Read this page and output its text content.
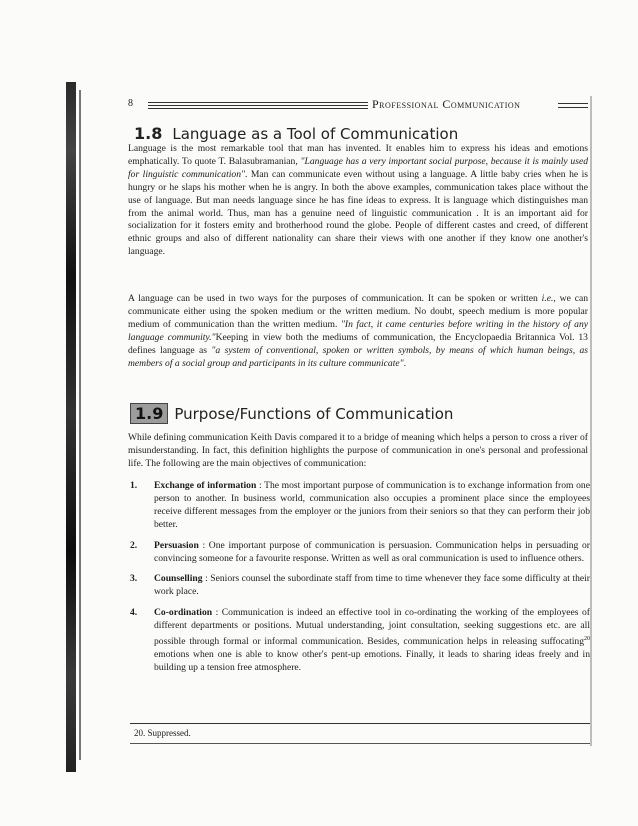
8	Professional Communication
1.8 Language as a Tool of Communication

Language is the most remarkable tool that man has invented. It enables him to express his ideas and emotions emphatically. To quote T. Balasubramanian, "Language has a very important social purpose, because it is mainly used for linguistic communication". Man can communicate even without using a language. A little baby cries when he is hungry or he slaps his mother when he is angry. In both the above examples, communication takes place without the use of language. But man needs language since he has fine ideas to express. It is language which distinguishes man from the animal world. Thus, man has a genuine need of linguistic communication . It is an important aid for socialization for it fosters emity and brotherhood round the globe. People of different castes and creed, of different ethnic groups and also of different nationality can share their views with one another if they know one another's language.

A language can be used in two ways for the purposes of communication. It can be spoken or written i.e., we can communicate either using the spoken medium or the written medium. No doubt, speech medium is more popular medium of communication than the written medium. "In fact, it came centuries before writing in the history of any language community."Keeping in view both the mediums of communication, the Encyclopaedia Britannica Vol. 13 defines language as "a system of conventional, spoken or written symbols, by means of which human beings, as members of a social group and participants in its culture communicate".

1.9 Purpose/Functions of Communication

While defining communication Keith Davis compared it to a bridge of meaning which helps a person to cross a river of misunderstanding. In fact, this definition highlights the purpose of communication in one's personal and professional life. The following are the main objectives of communication:

1.	Exchange of information : The most important purpose of communication is to exchange information from one person to another. In business world, communication also occupies a prominent place since the employees receive different messages from the employer or the juniors from their seniors so that they can perform their job better.
2.	Persuasion : One important purpose of communication is persuasion. Communication helps in persuading or convincing someone for a favourite response. Written as well as oral communication is used to influence others.
3.	Counselling : Seniors counsel the subordinate staff from time to time whenever they face some difficulty at their work place.
4.	Co-ordination : Communication is indeed an effective tool in co-ordinating the working of the employees of different departments or positions. Mutual understanding, joint consultation, seeking suggestions etc. are all possible through formal or informal communication. Besides, communication helps in releasing suffocating$^{20}$ emotions when one is able to know other's pent-up emotions. Finally, it leads to sharing ideas freely and in building up a tension free atmosphere.
20. Suppressed.
